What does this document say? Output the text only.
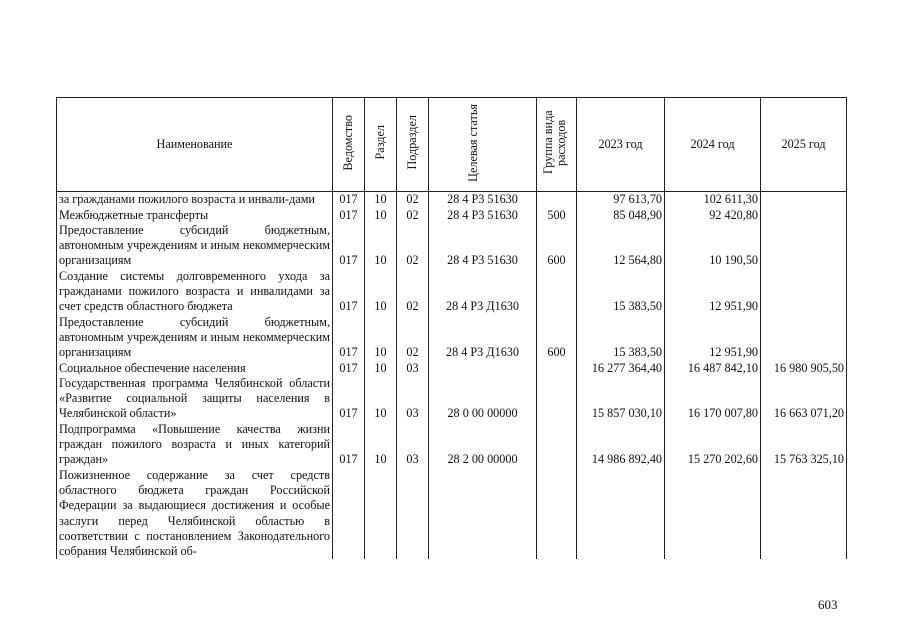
Наименование	Ведомство	Раздел	Подраздел	Целевая статья	Группа вида расходов	2023 год	2024 год	2025 год
за гражданами пожилого возраста и инвали-дами	017	10	02	28 4 Р3 51630		97 613,70	102 611,30	
Межбюджетные трансферты	017	10	02	28 4 Р3 51630	500	85 048,90	92 420,80	
Предоставление субсидий бюджетным, автономным учреждениям и иным некоммерческим организациям	017	10	02	28 4 Р3 51630	600	12 564,80	10 190,50	
Создание системы долговременного ухода за гражданами пожилого возраста и инвалидами за счет средств областного бюджета	017	10	02	28 4 Р3 Д1630		15 383,50	12 951,90	
Предоставление субсидий бюджетным, автономным учреждениям и иным некоммерческим организациям	017	10	02	28 4 Р3 Д1630	600	15 383,50	12 951,90	
Социальное обеспечение населения	017	10	03			16 277 364,40	16 487 842,10	16 980 905,50
Государственная программа Челябинской области «Развитие социальной защиты населения в Челябинской области»	017	10	03	28 0 00 00000		15 857 030,10	16 170 007,80	16 663 071,20
Подпрограмма «Повышение качества жизни граждан пожилого возраста и иных категорий граждан»	017	10	03	28 2 00 00000		14 986 892,40	15 270 202,60	15 763 325,10
Пожизненное содержание за счет средств областного бюджета граждан Российской Федерации за выдающиеся достижения и особые заслуги перед Челябинской областью в соответствии с постановлением Законодательного собрания Челябинской об-								
603
